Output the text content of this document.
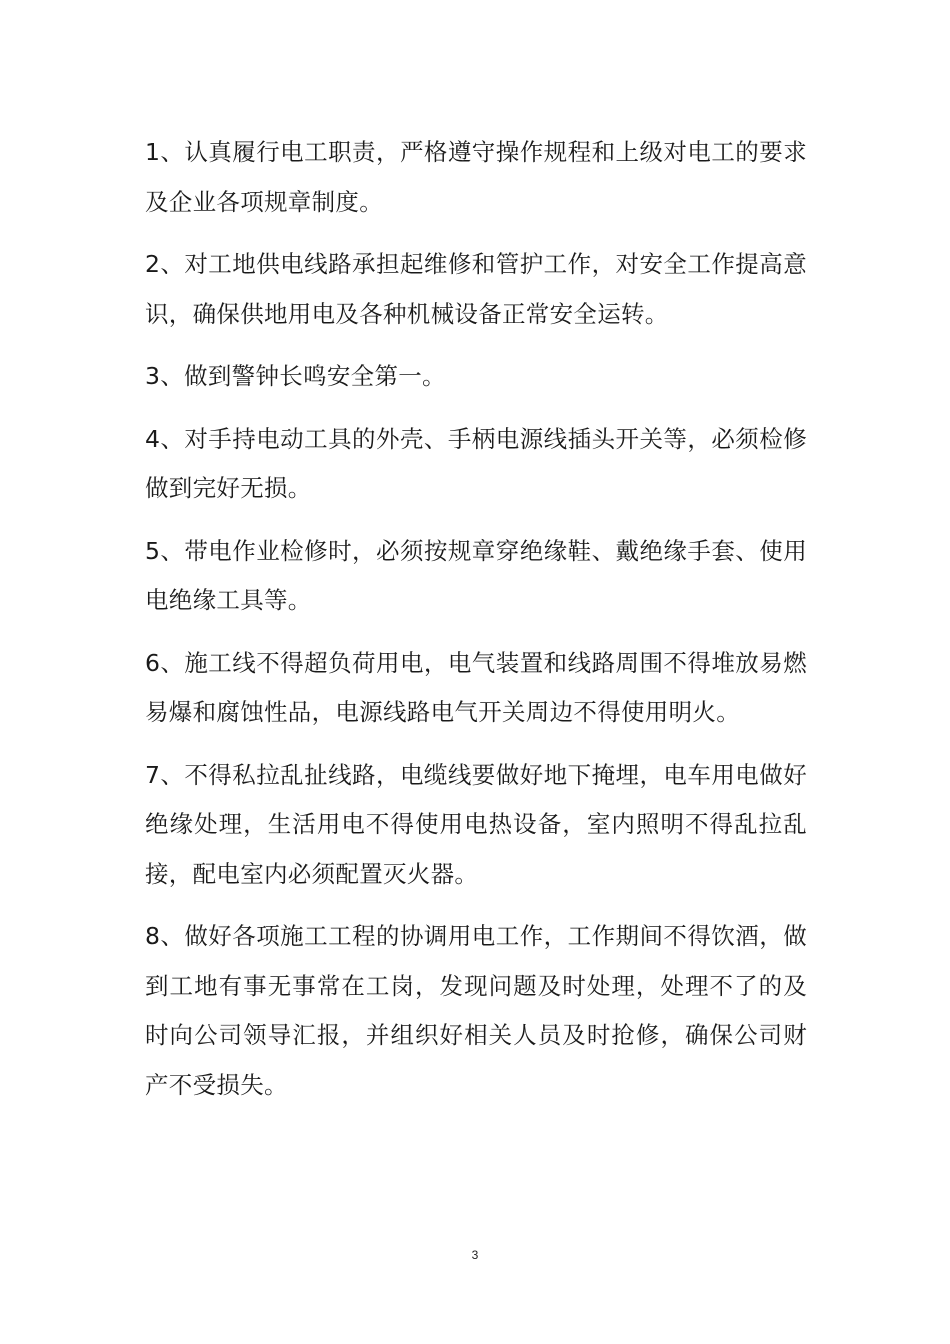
1、认真履行电工职责，严格遵守操作规程和上级对电工的要求及企业各项规章制度。

2、对工地供电线路承担起维修和管护工作，对安全工作提高意识，确保供地用电及各种机械设备正常安全运转。

3、做到警钟长鸣安全第一。

4、对手持电动工具的外壳、手柄电源线插头开关等，必须检修做到完好无损。

5、带电作业检修时，必须按规章穿绝缘鞋、戴绝缘手套、使用电绝缘工具等。

6、施工线不得超负荷用电，电气装置和线路周围不得堆放易燃易爆和腐蚀性品，电源线路电气开关周边不得使用明火。

7、不得私拉乱扯线路，电缆线要做好地下掩埋，电车用电做好绝缘处理，生活用电不得使用电热设备，室内照明不得乱拉乱接，配电室内必须配置灭火器。

8、做好各项施工工程的协调用电工作，工作期间不得饮酒，做到工地有事无事常在工岗，发现问题及时处理，处理不了的及时向公司领导汇报，并组织好相关人员及时抢修，确保公司财产不受损失。

3
